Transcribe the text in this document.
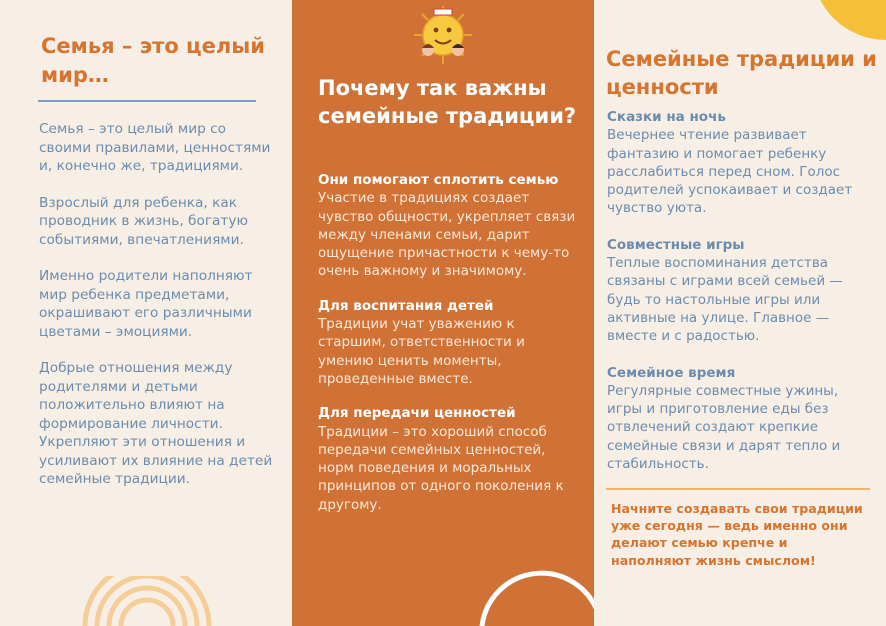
Семья – это целый мир…

Семья – это целый мир со своими правилами, ценностями и, конечно же, традициями.

Взрослый для ребенка, как проводник в жизнь, богатую событиями, впечатлениями.

Именно родители наполняют мир ребенка предметами, окрашивают его различными цветами – эмоциями.

Добрые отношения между родителями и детьми положительно влияют на формирование личности. Укрепляют эти отношения и усиливают их влияние на детей семейные традиции.

Почему так важны семейные традиции?
Они помогают сплотить семью

Участие в традициях создает чувство общности, укрепляет связи между членами семьи, дарит ощущение причастности к чему-то очень важному и значимому.

Для воспитания детей

Традиции учат уважению к старшим, ответственности и умению ценить моменты, проведенные вместе.

Для передачи ценностей

Традиции – это хороший способ передачи семейных ценностей, норм поведения и моральных принципов от одного поколения к другому.

Семейные традиции и ценности
Сказки на ночь

Вечернее чтение развивает фантазию и помогает ребенку расслабиться перед сном. Голос родителей успокаивает и создает чувство уюта.

Совместные игры

Теплые воспоминания детства связаны с играми всей семьей — будь то настольные игры или активные на улице. Главное — вместе и с радостью.

Семейное время

Регулярные совместные ужины, игры и приготовление еды без отвлечений создают крепкие семейные связи и дарят тепло и стабильность.

Начните создавать свои традиции уже сегодня — ведь именно они делают семью крепче и наполняют жизнь смыслом!
